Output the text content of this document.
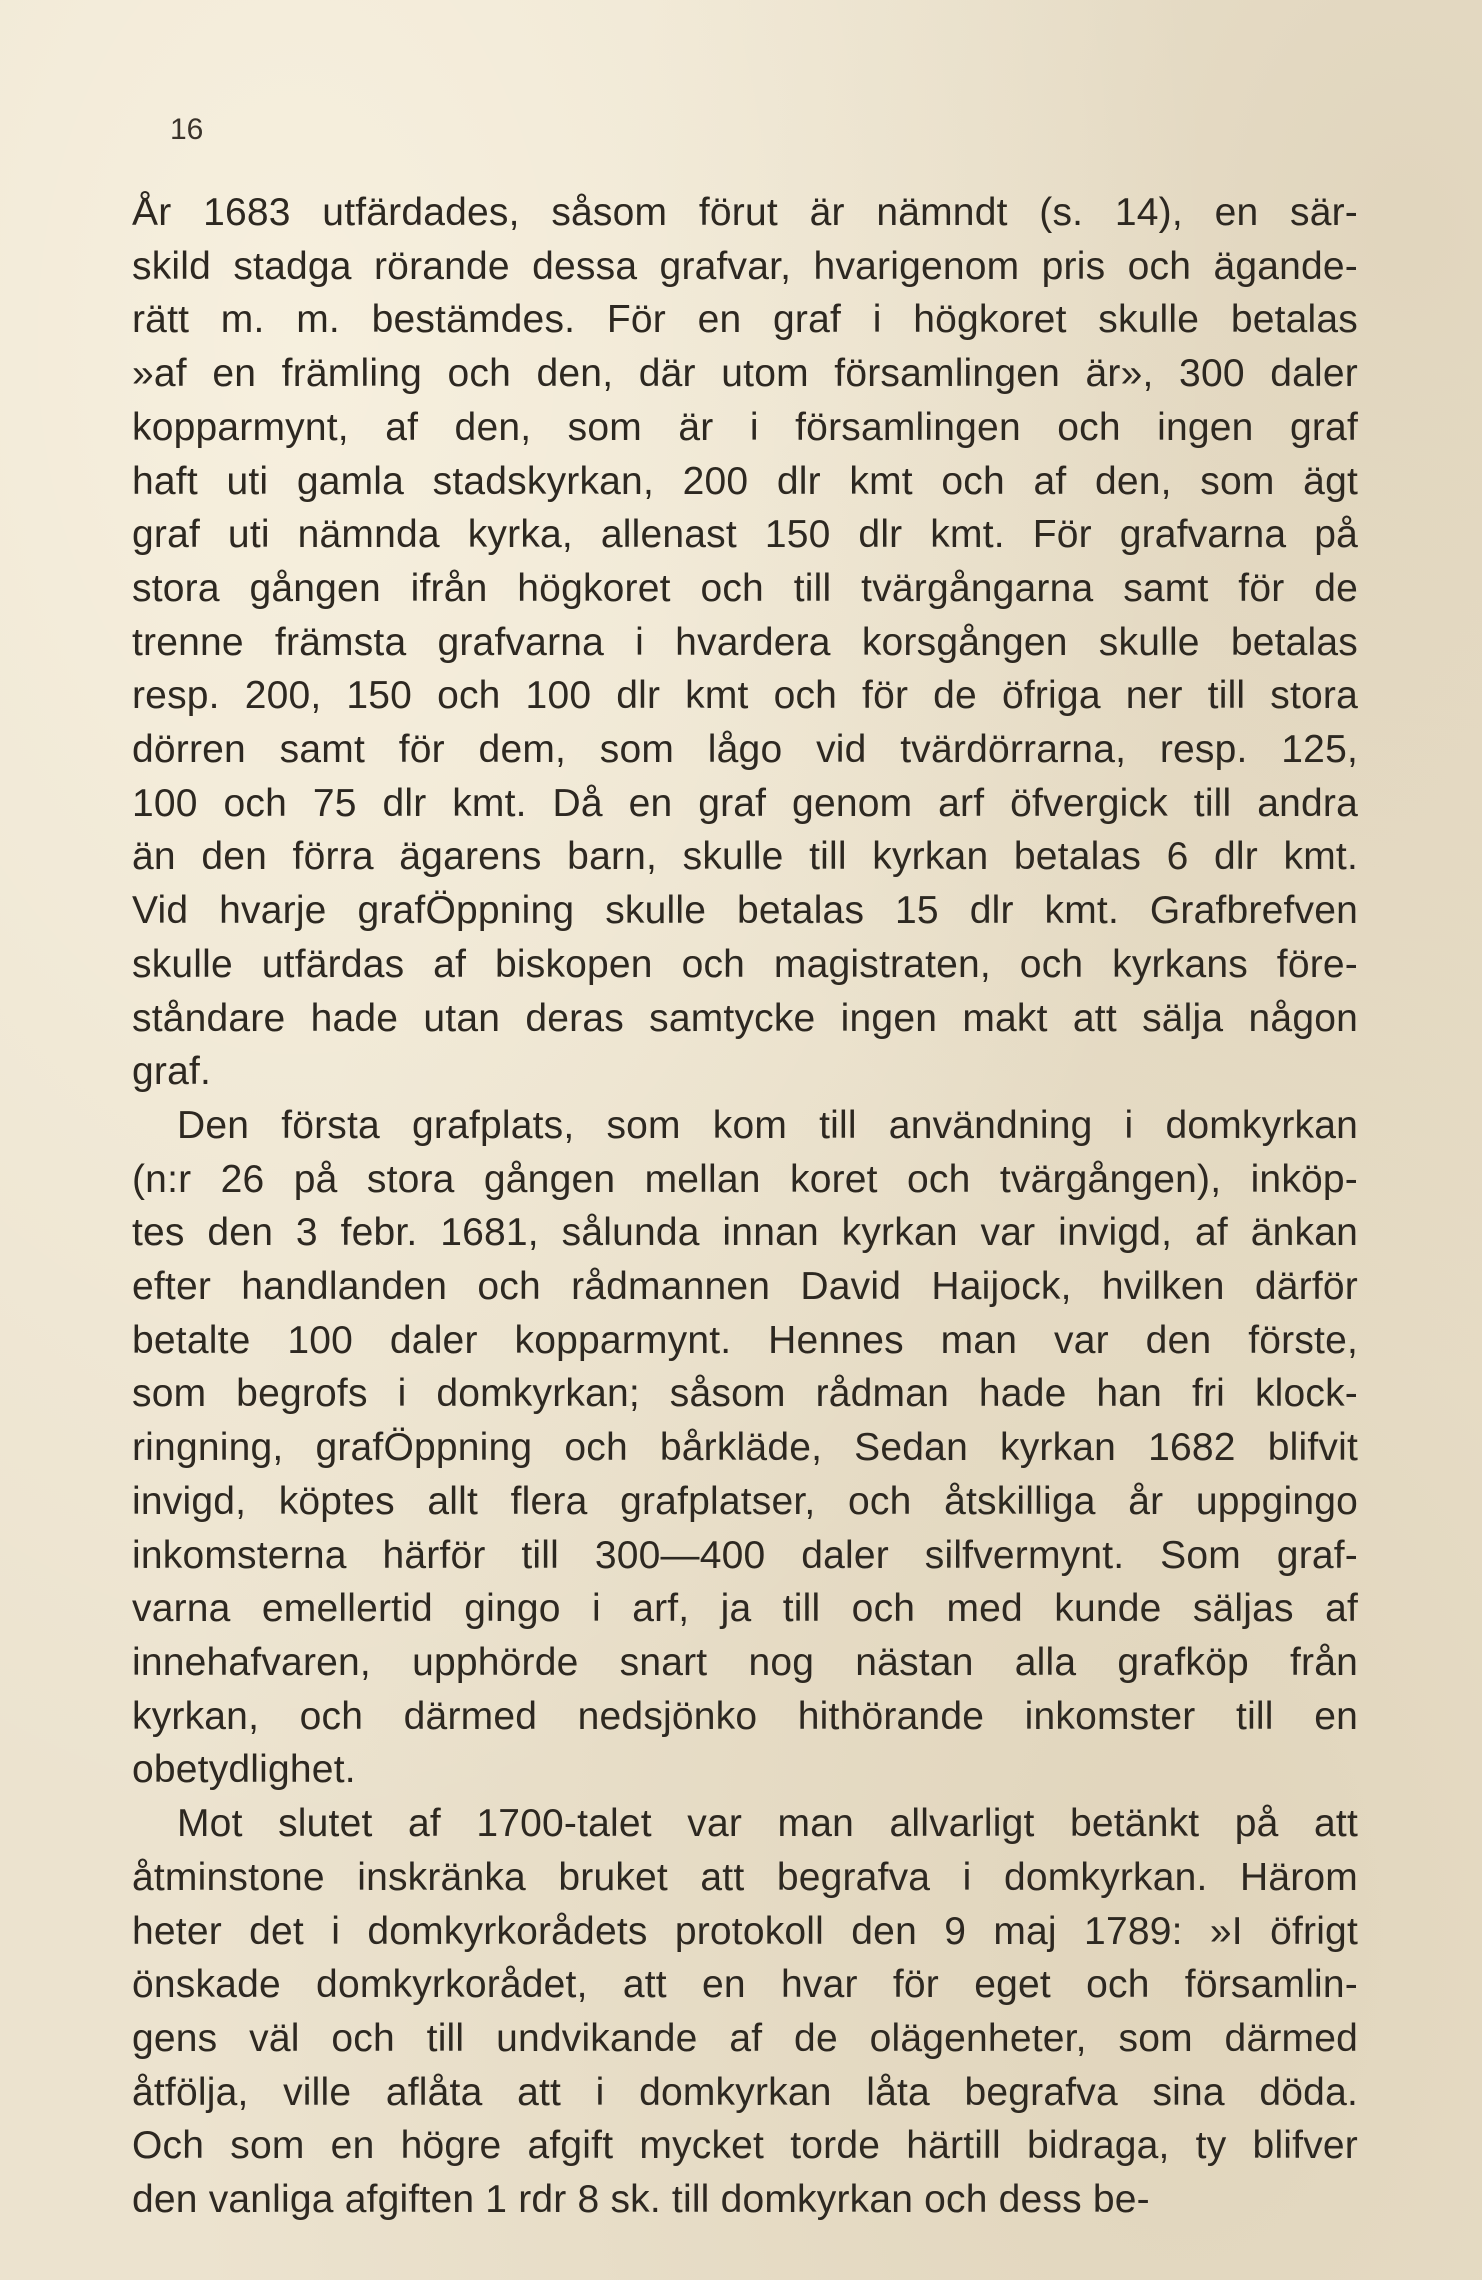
16
År 1683 utfärdades, såsom förut är nämndt (s. 14), en sär-
skild stadga rörande dessa grafvar, hvarigenom pris och ägande-
rätt m. m. bestämdes. För en graf i högkoret skulle betalas
»af en främling och den, där utom församlingen är», 300 daler
kopparmynt, af den, som är i församlingen och ingen graf
haft uti gamla stadskyrkan, 200 dlr kmt och af den, som ägt
graf uti nämnda kyrka, allenast 150 dlr kmt. För grafvarna på
stora gången ifrån högkoret och till tvärgångarna samt för de
trenne främsta grafvarna i hvardera korsgången skulle betalas
resp. 200, 150 och 100 dlr kmt och för de öfriga ner till stora
dörren samt för dem, som lågo vid tvärdörrarna, resp. 125,
100 och 75 dlr kmt. Då en graf genom arf öfvergick till andra
än den förra ägarens barn, skulle till kyrkan betalas 6 dlr kmt.
Vid hvarje grafÖppning skulle betalas 15 dlr kmt. Grafbrefven
skulle utfärdas af biskopen och magistraten, och kyrkans före-
ståndare hade utan deras samtycke ingen makt att sälja någon
graf.
Den första grafplats, som kom till användning i domkyrkan
(n:r 26 på stora gången mellan koret och tvärgången), inköp-
tes den 3 febr. 1681, sålunda innan kyrkan var invigd, af änkan
efter handlanden och rådmannen David Haijock, hvilken därför
betalte 100 daler kopparmynt. Hennes man var den förste,
som begrofs i domkyrkan; såsom rådman hade han fri klock-
ringning, grafÖppning och bårkläde, Sedan kyrkan 1682 blifvit
invigd, köptes allt flera grafplatser, och åtskilliga år uppgingo
inkomsterna härför till 300—400 daler silfvermynt. Som graf-
varna emellertid gingo i arf, ja till och med kunde säljas af
innehafvaren, upphörde snart nog nästan alla grafköp från
kyrkan, och därmed nedsjönko hithörande inkomster till en
obetydlighet.
Mot slutet af 1700-talet var man allvarligt betänkt på att
åtminstone inskränka bruket att begrafva i domkyrkan. Härom
heter det i domkyrkorådets protokoll den 9 maj 1789: »I öfrigt
önskade domkyrkorådet, att en hvar för eget och församlin-
gens väl och till undvikande af de olägenheter, som därmed
åtfölja, ville aflåta att i domkyrkan låta begrafva sina döda.
Och som en högre afgift mycket torde härtill bidraga, ty blifver
den vanliga afgiften 1 rdr 8 sk. till domkyrkan och dess be-
